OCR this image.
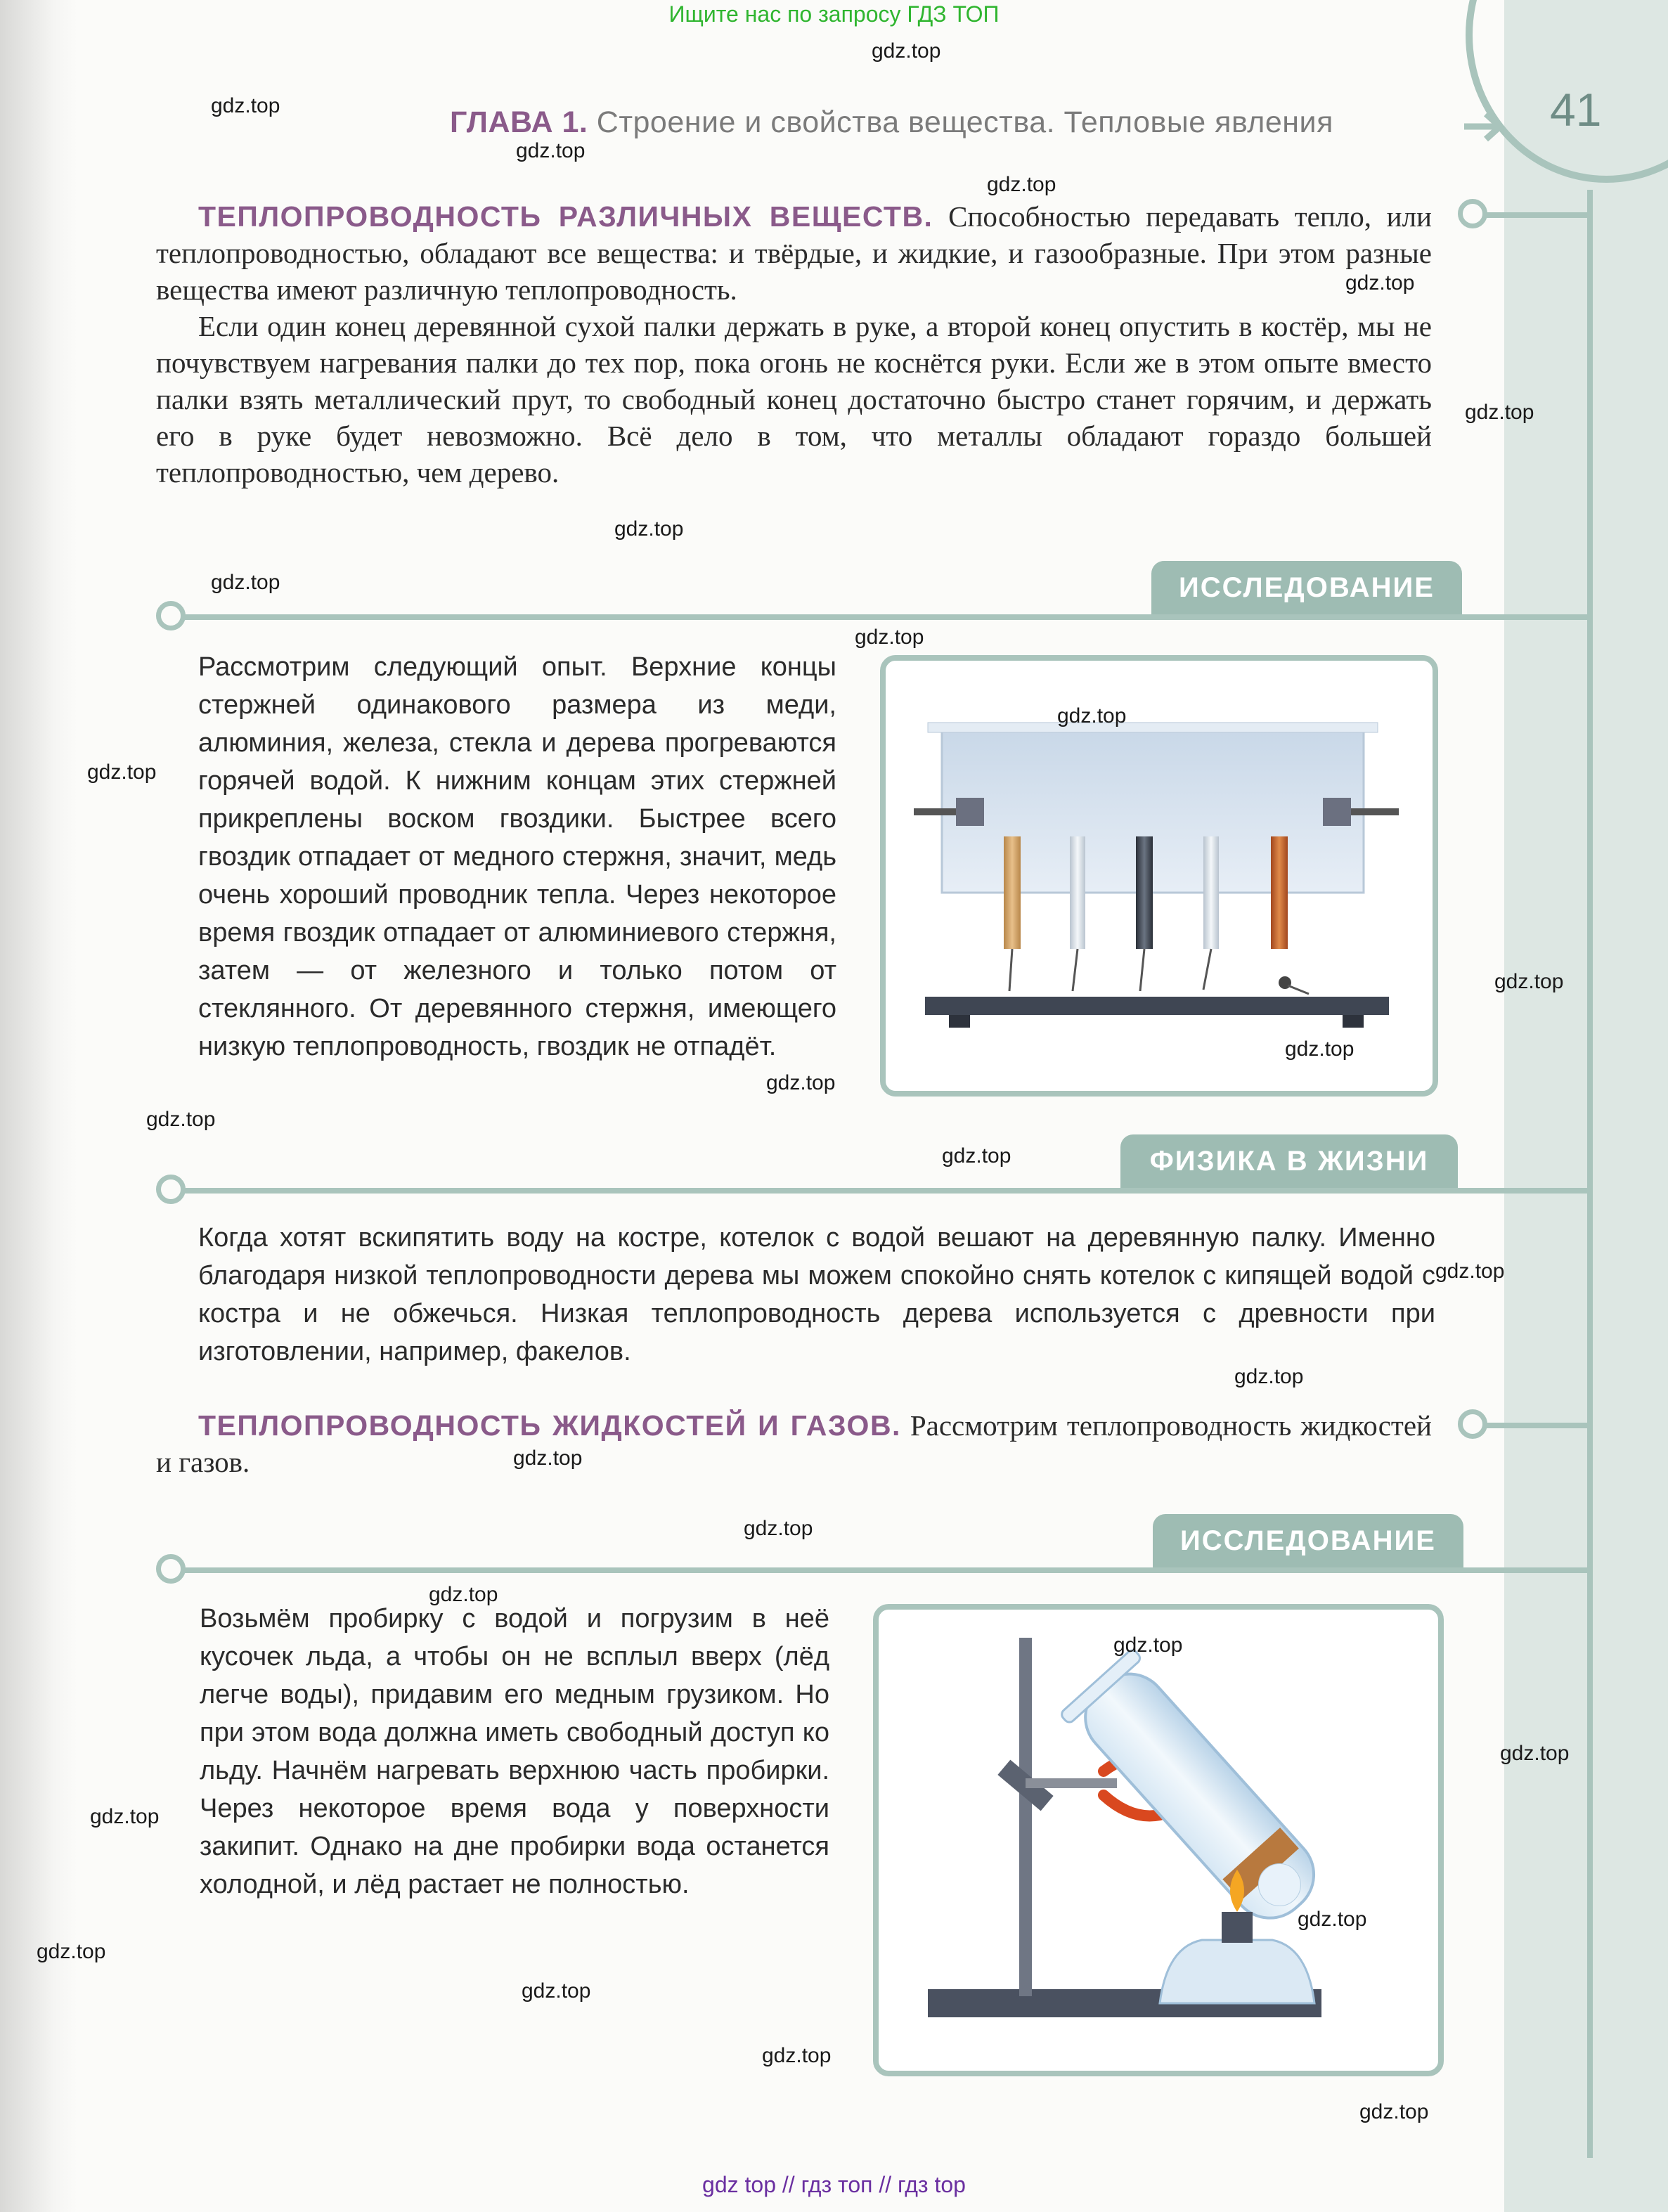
Ищите нас по запросу ГДЗ ТОП
ГЛАВА 1. Строение и свойства вещества. Тепловые явления	41

ТЕПЛОПРОВОДНОСТЬ РАЗЛИЧНЫХ ВЕЩЕСТВ. Способностью передавать тепло, или теплопроводностью, обладают все вещества: и твёрдые, и жидкие, и газообразные. При этом разные вещества имеют различную теплопроводность.

Если один конец деревянной сухой палки держать в руке, а второй конец опустить в костёр, мы не почувствуем нагревания палки до тех пор, пока огонь не коснётся руки. Если же в этом опыте вместо палки взять металлический прут, то свободный конец достаточно быстро станет горячим, и держать его в руке будет невозможно. Всё дело в том, что металлы обладают гораздо большей теплопроводностью, чем дерево.

ИССЛЕДОВАНИЕ
Рассмотрим следующий опыт. Верхние концы стержней одинакового размера из меди, алюминия, железа, стекла и дерева прогреваются горячей водой. К нижним концам этих стержней прикреплены воском гвоздики. Быстрее всего гвоздик отпадает от медного стержня, значит, медь очень хороший проводник тепла. Через некоторое время гвоздик отпадает от алюминиевого стержня, затем — от железного и только потом от стеклянного. От деревянного стержня, имеющего низкую теплопроводность, гвоздик не отпадёт.
ФИЗИКА В ЖИЗНИ
Когда хотят вскипятить воду на костре, котелок с водой вешают на деревянную палку. Именно благодаря низкой теплопроводности дерева мы можем спокойно снять котелок с кипящей водой с костра и не обжечься. Низкая теплопроводность дерева используется с древности при изготовлении, например, факелов.

ТЕПЛОПРОВОДНОСТЬ ЖИДКОСТЕЙ И ГАЗОВ. Рассмотрим теплопроводность жидкостей и газов.

ИССЛЕДОВАНИЕ
Возьмём пробирку с водой и погрузим в неё кусочек льда, а чтобы он не всплыл вверх (лёд легче воды), придавим его медным грузиком. Но при этом вода должна иметь свободный доступ ко льду. Начнём нагревать верхнюю часть пробирки. Через некоторое время вода у поверхности закипит. Однако на дне пробирки вода останется холодной, и лёд растает не полностью.
gdz.top
gdz.top
gdz.top
gdz.top
gdz.top
gdz.top
gdz.top
gdz.top
gdz.top
gdz.top
gdz.top
gdz.top
gdz.top
gdz.top
gdz.top
gdz.top
gdz.top
gdz.top
gdz.top
gdz.top
gdz.top
gdz.top
gdz.top
gdz.top
gdz.top
gdz.top
gdz.top
gdz.top
gdz.top
gdz top // гдз топ // гдз top
